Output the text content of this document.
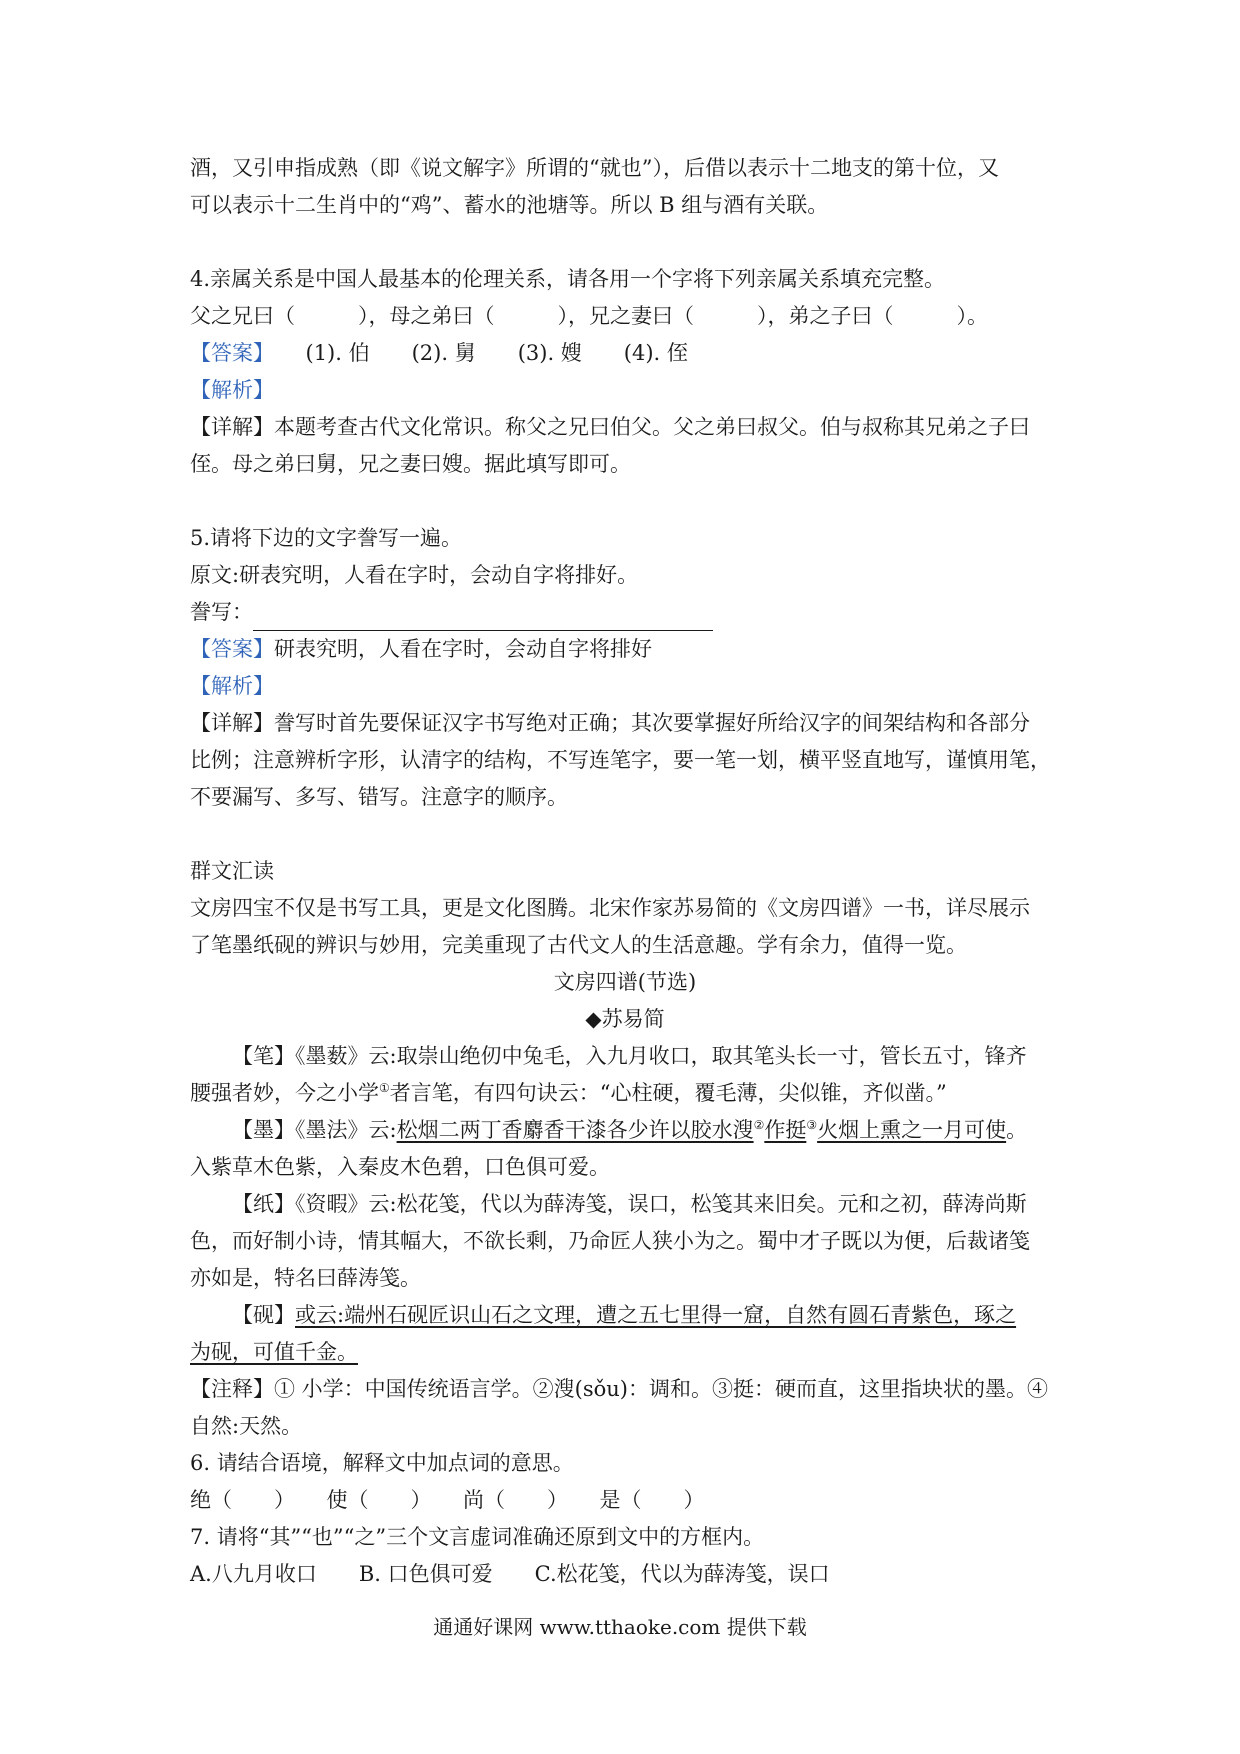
酒，又引申指成熟（即《说文解字》所谓的“就也”），后借以表示十二地支的第十位，又
可以表示十二生肖中的“鸡”、蓄水的池塘等。所以 B 组与酒有关联。
4.亲属关系是中国人最基本的伦理关系，请各用一个字将下列亲属关系填充完整。
父之兄曰（　　　），母之弟曰（　　　），兄之妻曰（　　　），弟之子曰（　　　）。
【答案】　　(1). 伯　　(2). 舅　　(3). 嫂　　(4). 侄
【解析】
【详解】本题考查古代文化常识。称父之兄曰伯父。父之弟曰叔父。伯与叔称其兄弟之子曰
侄。母之弟曰舅，兄之妻曰嫂。据此填写即可。
5.请将下边的文字誊写一遍。
原文:研表究明，人看在字时，会动自字将排好。
誊写：
【答案】研表究明，人看在字时，会动自字将排好
【解析】
【详解】誊写时首先要保证汉字书写绝对正确；其次要掌握好所给汉字的间架结构和各部分
比例；注意辨析字形，认清字的结构，不写连笔字，要一笔一划，横平竖直地写，谨慎用笔，
不要漏写、多写、错写。注意字的顺序。
群文汇读
文房四宝不仅是书写工具，更是文化图腾。北宋作家苏易简的《文房四谱》一书，详尽展示
了笔墨纸砚的辨识与妙用，完美重现了古代文人的生活意趣。学有余力，值得一览。
文房四谱(节选)
◆苏易简
【笔】《墨薮》云:取崇山绝仞中兔毛，入九月收口，取其笔头长一寸，管长五寸，锋齐
腰强者妙，今之小学①者言笔，有四句诀云：“心柱硬，覆毛薄，尖似锥，齐似凿。”
【墨】《墨法》云:松烟二两丁香麝香干漆各少许以胶水溲②作挺③火烟上熏之一月可使。
入紫草木色紫，入秦皮木色碧，口色俱可爱。
【纸】《资暇》云:松花笺，代以为薛涛笺，误口，松笺其来旧矣。元和之初，薛涛尚斯
色，而好制小诗，情其幅大，不欲长剩，乃命匠人狭小为之。蜀中才子既以为便，后裁诸笺
亦如是，特名曰薛涛笺。
【砚】或云:端州石砚匠识山石之文理，遭之五七里得一窟，自然有圆石青紫色，琢之
为砚，可值千金。
【注释】① 小学：中国传统语言学。②溲(sǒu)：调和。③挺：硬而直，这里指块状的墨。④
自然:天然。
6. 请结合语境，解释文中加点词的意思。
绝（　　）　　使（　　）　　尚（　　）　　是（　　）
7. 请将“其”“也”“之”三个文言虚词准确还原到文中的方框内。
A.八九月收口　　B. 口色俱可爱　　C.松花笺，代以为薛涛笺，误口
通通好课网 www.tthaoke.com 提供下载
